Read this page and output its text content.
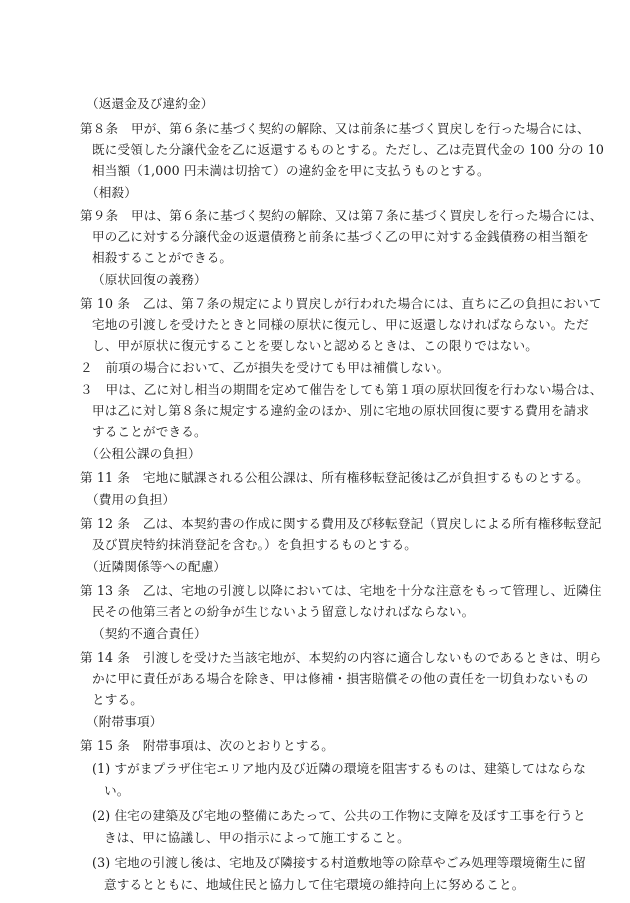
（返還金及び違約金）
第８条　甲が、第６条に基づく契約の解除、又は前条に基づく買戻しを行った場合には、
既に受領した分譲代金を乙に返還するものとする。ただし、乙は売買代金の 100 分の 10
相当額（1,000 円未満は切捨て）の違約金を甲に支払うものとする。
（相殺）
第９条　甲は、第６条に基づく契約の解除、又は第７条に基づく買戻しを行った場合には、
甲の乙に対する分譲代金の返還債務と前条に基づく乙の甲に対する金銭債務の相当額を
相殺することができる。
（原状回復の義務）
第 10 条　乙は、第７条の規定により買戻しが行われた場合には、直ちに乙の負担において
宅地の引渡しを受けたときと同様の原状に復元し、甲に返還しなければならない。ただ
し、甲が原状に復元することを要しないと認めるときは、この限りではない。
２　前項の場合において、乙が損失を受けても甲は補償しない。
３　甲は、乙に対し相当の期間を定めて催告をしても第１項の原状回復を行わない場合は、
甲は乙に対し第８条に規定する違約金のほか、別に宅地の原状回復に要する費用を請求
することができる。
（公租公課の負担）
第 11 条　宅地に賦課される公租公課は、所有権移転登記後は乙が負担するものとする。
（費用の負担）
第 12 条　乙は、本契約書の作成に関する費用及び移転登記（買戻しによる所有権移転登記
及び買戻特約抹消登記を含む。）を負担するものとする。
（近隣関係等への配慮）
第 13 条　乙は、宅地の引渡し以降においては、宅地を十分な注意をもって管理し、近隣住
民その他第三者との紛争が生じないよう留意しなければならない。
（契約不適合責任）
第 14 条　引渡しを受けた当該宅地が、本契約の内容に適合しないものであるときは、明ら
かに甲に責任がある場合を除き、甲は修補・損害賠償その他の責任を一切負わないもの
とする。
（附帯事項）
第 15 条　附帯事項は、次のとおりとする。
(1) すがまプラザ住宅エリア地内及び近隣の環境を阻害するものは、建築してはならな
い。
(2) 住宅の建築及び宅地の整備にあたって、公共の工作物に支障を及ぼす工事を行うと
きは、甲に協議し、甲の指示によって施工すること。
(3) 宅地の引渡し後は、宅地及び隣接する村道敷地等の除草やごみ処理等環境衛生に留
意するとともに、地域住民と協力して住宅環境の維持向上に努めること。
